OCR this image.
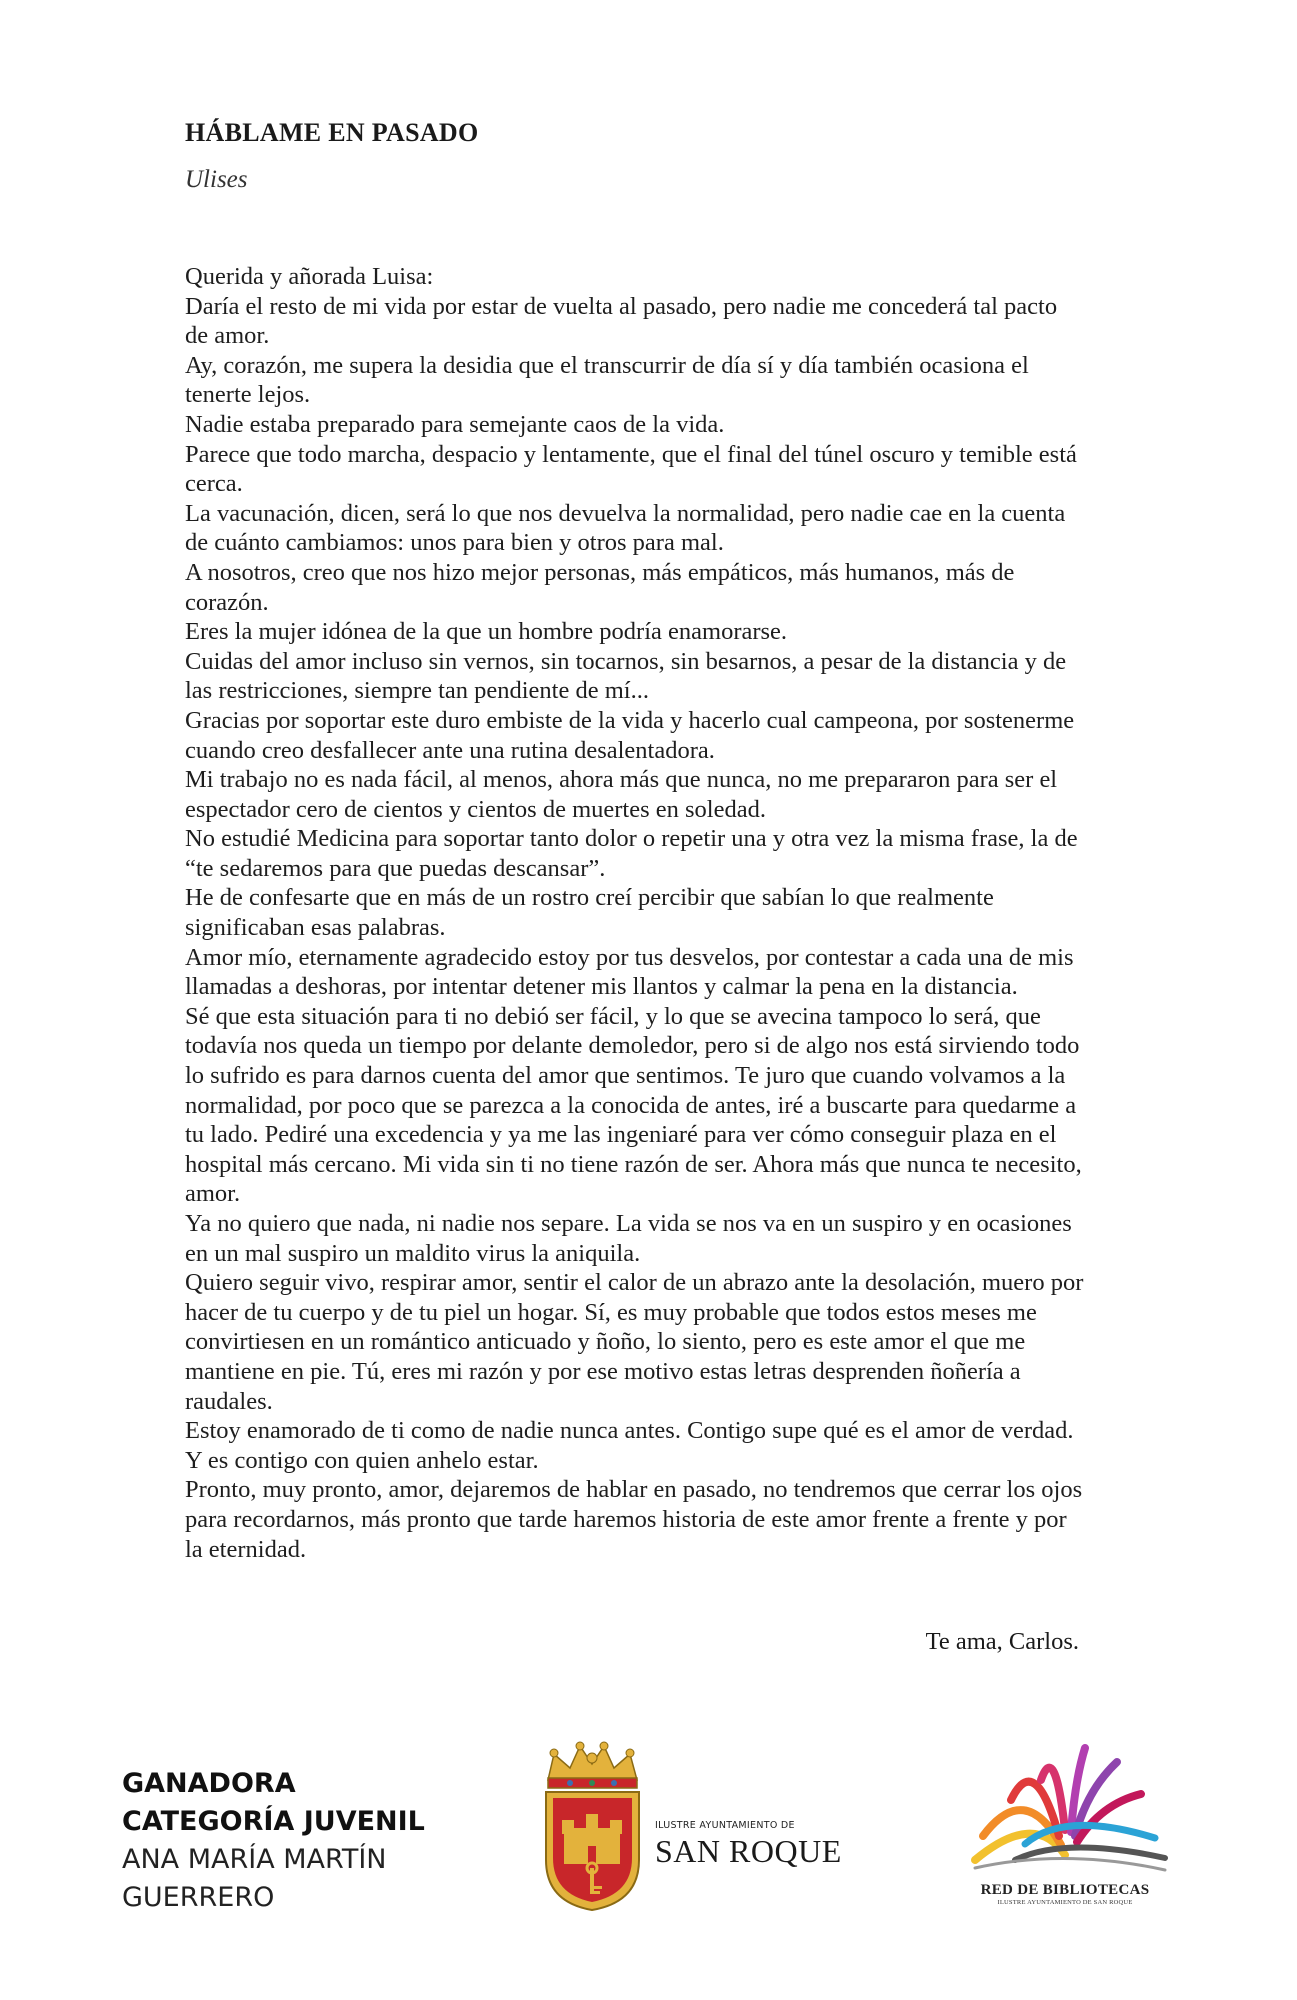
HÁBLAME EN PASADO
Ulises

Querida y añorada Luisa:

Daría el resto de mi vida por estar de vuelta al pasado, pero nadie me concederá tal pacto de amor.

Ay, corazón, me supera la desidia que el transcurrir de día sí y día también ocasiona el tenerte lejos.

Nadie estaba preparado para semejante caos de la vida.

Parece que todo marcha, despacio y lentamente, que el final del túnel oscuro y temible está cerca.

La vacunación, dicen, será lo que nos devuelva la normalidad, pero nadie cae en la cuenta de cuánto cambiamos: unos para bien y otros para mal.

A nosotros, creo que nos hizo mejor personas, más empáticos, más humanos, más de corazón.

Eres la mujer idónea de la que un hombre podría enamorarse.

Cuidas del amor incluso sin vernos, sin tocarnos, sin besarnos, a pesar de la distancia y de las restricciones, siempre tan pendiente de mí...

Gracias por soportar este duro embiste de la vida y hacerlo cual campeona, por sostenerme cuando creo desfallecer ante una rutina desalentadora.

Mi trabajo no es nada fácil, al menos, ahora más que nunca, no me prepararon para ser el espectador cero de cientos y cientos de muertes en soledad.

No estudié Medicina para soportar tanto dolor o repetir una y otra vez la misma frase, la de “te sedaremos para que puedas descansar”.

He de confesarte que en más de un rostro creí percibir que sabían lo que realmente significaban esas palabras.

Amor mío, eternamente agradecido estoy por tus desvelos, por contestar a cada una de mis llamadas a deshoras, por intentar detener mis llantos y calmar la pena en la distancia.

Sé que esta situación para ti no debió ser fácil, y lo que se avecina tampoco lo será, que todavía nos queda un tiempo por delante demoledor, pero si de algo nos está sirviendo todo lo sufrido es para darnos cuenta del amor que sentimos. Te juro que cuando volvamos a la normalidad, por poco que se parezca a la conocida de antes, iré a buscarte para quedarme a tu lado. Pediré una excedencia y ya me las ingeniaré para ver cómo conseguir plaza en el hospital más cercano. Mi vida sin ti no tiene razón de ser. Ahora más que nunca te necesito, amor.

Ya no quiero que nada, ni nadie nos separe. La vida se nos va en un suspiro y en ocasiones en un mal suspiro un maldito virus la aniquila.

Quiero seguir vivo, respirar amor, sentir el calor de un abrazo ante la desolación, muero por hacer de tu cuerpo y de tu piel un hogar. Sí, es muy probable que todos estos meses me convirtiesen en un romántico anticuado y ñoño, lo siento, pero es este amor el que me mantiene en pie. Tú, eres mi razón y por ese motivo estas letras desprenden ñoñería a raudales.

Estoy enamorado de ti como de nadie nunca antes. Contigo supe qué es el amor de verdad. Y es contigo con quien anhelo estar.

Pronto, muy pronto, amor, dejaremos de hablar en pasado, no tendremos que cerrar los ojos para recordarnos, más pronto que tarde haremos historia de este amor frente a frente y por la eternidad.

Te ama, Carlos.
GANADORA
CATEGORÍA JUVENIL
ANA MARÍA MARTÍN
GUERRERO
ILUSTRE AYUNTAMIENTO DE
SAN ROQUE
RED DE BIBLIOTECAS
ILUSTRE AYUNTAMIENTO DE SAN ROQUE
